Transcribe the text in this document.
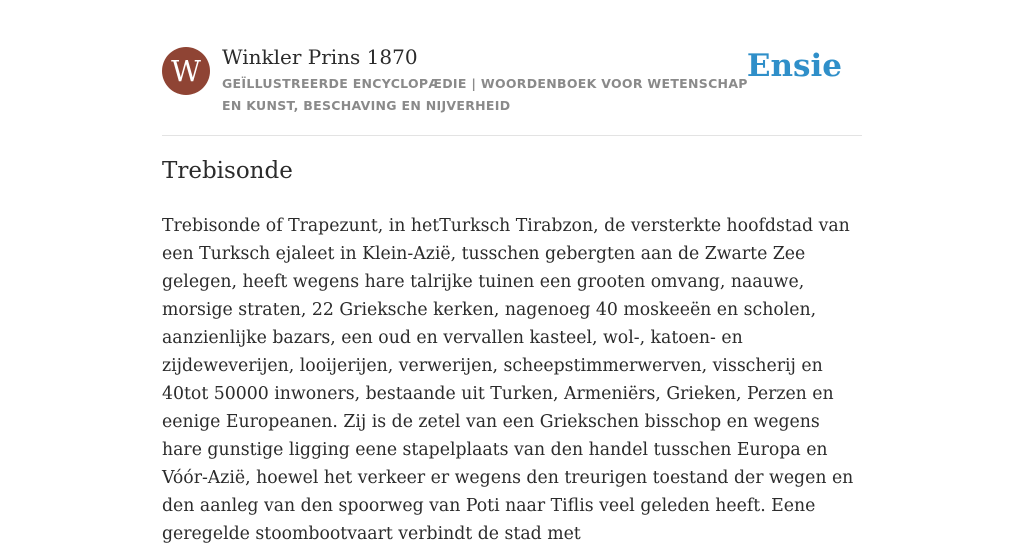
W	Winkler Prins 1870
GEÏLLUSTREERDE ENCYCLOPÆDIE | WOORDENBOEK VOOR WETENSCHAP EN KUNST, BESCHAVING EN NIJVERHEID
Ensie
Trebisonde

Trebisonde of Trapezunt, in hetTurksch Tirabzon, de versterkte hoofdstad van een Turksch ejaleet in Klein-Azië, tusschen gebergten aan de Zwarte Zee gelegen, heeft wegens hare talrijke tuinen een grooten omvang, naauwe, morsige straten, 22 Grieksche kerken, nagenoeg 40 moskeeën en scholen, aanzienlijke bazars, een oud en vervallen kasteel, wol-, katoen- en zijdeweverijen, looijerijen, verwerijen, scheepstimmerwerven, visscherij en 40tot 50000 inwoners, bestaande uit Turken, Armeniërs, Grieken, Perzen en eenige Europeanen. Zij is de zetel van een Griekschen bisschop en wegens hare gunstige ligging eene stapelplaats van den handel tusschen Europa en Vóór-Azië, hoewel het verkeer er wegens den treurigen toestand der wegen en den aanleg van den spoorweg van Poti naar Tiflis veel geleden heeft. Eene geregelde stoombootvaart verbindt de stad met
